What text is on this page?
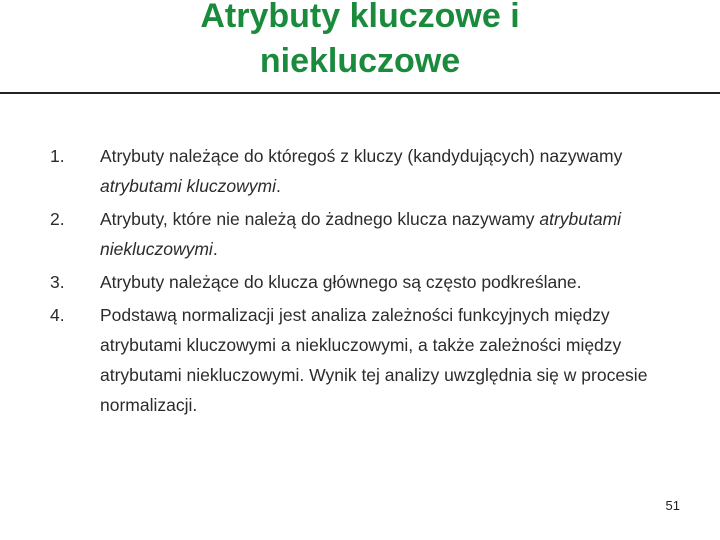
Atrybuty kluczowe i
niekluczowe
1.	Atrybuty należące do któregoś z kluczy (kandydujących) nazywamy atrybutami kluczowymi.
2.	Atrybuty, które nie należą do żadnego klucza nazywamy atrybutami niekluczowymi.
3.	Atrybuty należące do klucza głównego są często podkreślane.
4.	Podstawą normalizacji jest analiza zależności funkcyjnych między atrybutami kluczowymi a niekluczowymi, a także zależności między atrybutami niekluczowymi. Wynik tej analizy uwzględnia się w procesie normalizacji.
51
